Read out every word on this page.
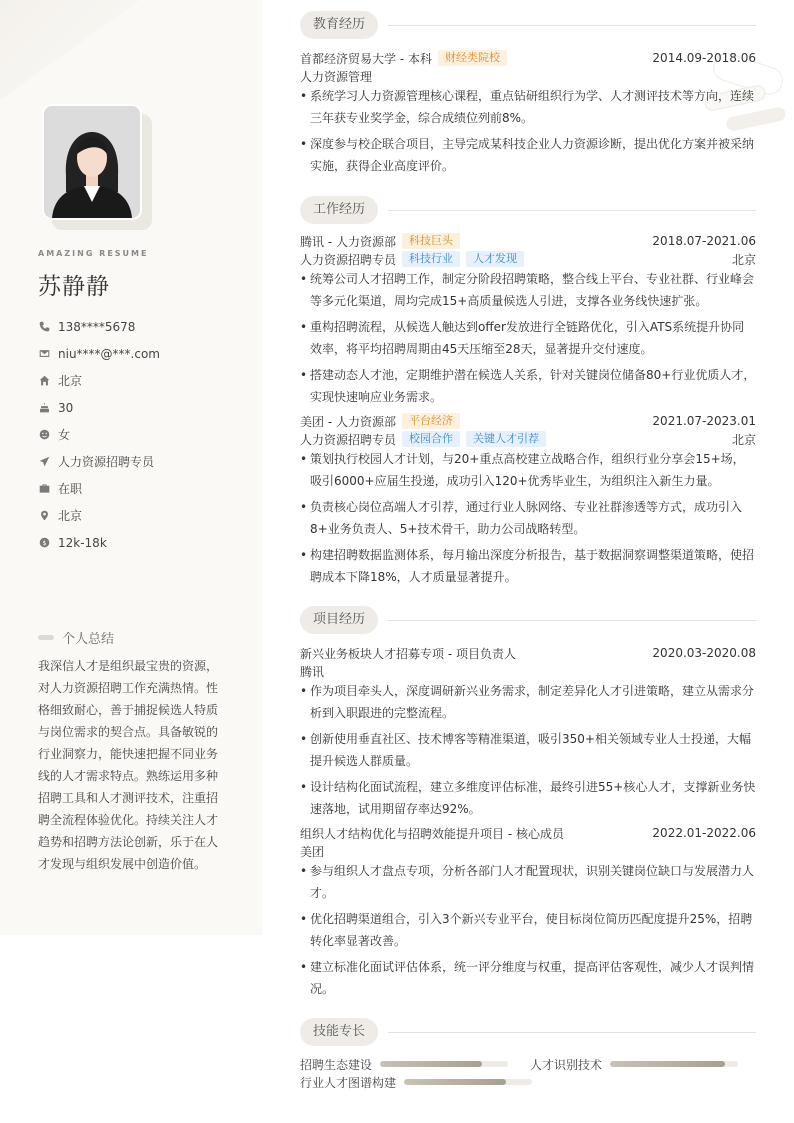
AMAZING RESUME
苏静静
138****5678
niu****@***.com
北京
30
女
人力资源招聘专员
在职
北京
$ 12k-18k
个人总结
我深信人才是组织最宝贵的资源，对人力资源招聘工作充满热情。性格细致耐心，善于捕捉候选人特质与岗位需求的契合点。具备敏锐的行业洞察力，能快速把握不同业务线的人才需求特点。熟练运用多种招聘工具和人才测评技术，注重招聘全流程体验优化。持续关注人才趋势和招聘方法论创新，乐于在人才发现与组织发展中创造价值。
教育经历
首都经济贸易大学 - 本科	财经类院校	2014.09-2018.06
人力资源管理
• 系统学习人力资源管理核心课程，重点钻研组织行为学、人才测评技术等方向，连续三年获专业奖学金，综合成绩位列前8%。
• 深度参与校企联合项目，主导完成某科技企业人力资源诊断，提出优化方案并被采纳实施，获得企业高度评价。
工作经历
腾讯 - 人力资源部	科技巨头	2018.07-2021.06
人力资源招聘专员	科技行业	人才发现	北京
• 统筹公司人才招聘工作，制定分阶段招聘策略，整合线上平台、专业社群、行业峰会等多元化渠道，周均完成15+高质量候选人引进，支撑各业务线快速扩张。
• 重构招聘流程，从候选人触达到offer发放进行全链路优化，引入ATS系统提升协同效率，将平均招聘周期由45天压缩至28天，显著提升交付速度。
• 搭建动态人才池，定期维护潜在候选人关系，针对关键岗位储备80+行业优质人才，实现快速响应业务需求。
美团 - 人力资源部	平台经济	2021.07-2023.01
人力资源招聘专员	校园合作	关键人才引荐	北京
• 策划执行校园人才计划，与20+重点高校建立战略合作，组织行业分享会15+场，吸引6000+应届生投递，成功引入120+优秀毕业生，为组织注入新生力量。
• 负责核心岗位高端人才引荐，通过行业人脉网络、专业社群渗透等方式，成功引入8+业务负责人、5+技术骨干，助力公司战略转型。
• 构建招聘数据监测体系，每月输出深度分析报告，基于数据洞察调整渠道策略，使招聘成本下降18%，人才质量显著提升。
项目经历
新兴业务板块人才招募专项 - 项目负责人	2020.03-2020.08
腾讯
• 作为项目牵头人，深度调研新兴业务需求，制定差异化人才引进策略，建立从需求分析到入职跟进的完整流程。
• 创新使用垂直社区、技术博客等精准渠道，吸引350+相关领域专业人士投递，大幅提升候选人群质量。
• 设计结构化面试流程，建立多维度评估标准，最终引进55+核心人才，支撑新业务快速落地，试用期留存率达92%。
组织人才结构优化与招聘效能提升项目 - 核心成员	2022.01-2022.06
美团
• 参与组织人才盘点专项，分析各部门人才配置现状，识别关键岗位缺口与发展潜力人才。
• 优化招聘渠道组合，引入3个新兴专业平台，使目标岗位简历匹配度提升25%，招聘转化率显著改善。
• 建立标准化面试评估体系，统一评分维度与权重，提高评估客观性，减少人才误判情况。
技能专长
招聘生态建设	人才识别技术
行业人才图谱构建
